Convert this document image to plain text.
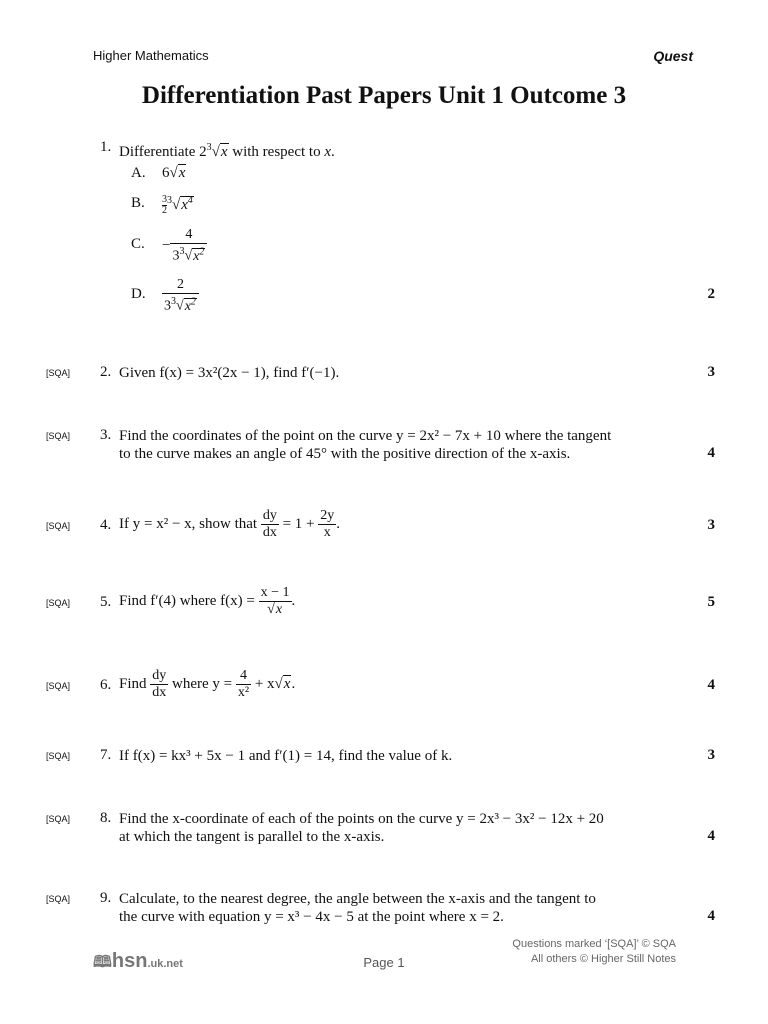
Higher Mathematics	Quest
Differentiation Past Papers Unit 1 Outcome 3
1. Differentiate $2^3√x$ with respect to x.
A. 6√x
B. $\frac{3}{2} ^3√x^4$
C. − $\frac{4}{3^3√x^2}$
D. $\frac{2}{3^3√x^2}$	2
[SQA] 2. Given f(x) = 3x²(2x − 1), find f′(−1).	3
[SQA] 3. Find the coordinates of the point on the curve y = 2x² − 7x + 10 where the tangent
to the curve makes an angle of 45° with the positive direction of the x-axis.	4
[SQA] 4. If y = x² − x, show that $\frac{dy}{dx} = 1 + \frac{2y}{x}$ .	3
[SQA] 5. Find f′(4) where $f(x) = \frac{x - 1}{√x}$ .	5
[SQA] 6. Find $\frac{dy}{dx}$ where $y = \frac{4}{\text{x²}} + x√x$.	4
[SQA] 7. If f(x) = kx³ + 5x − 1 and f′(1) = 14, find the value of k.	3
[SQA] 8. Find the x-coordinate of each of the points on the curve y = 2x³ − 3x² − 12x + 20
at which the tangent is parallel to the x-axis.	4
[SQA] 9. Calculate, to the nearest degree, the angle between the x-axis and the tangent to
the curve with equation y = x³ − 4x − 5 at the point where x = 2.	4
🕮hsn.uk.net	Page 1
Questions marked ‘[SQA]’ © SQA
All others © Higher Still Notes
